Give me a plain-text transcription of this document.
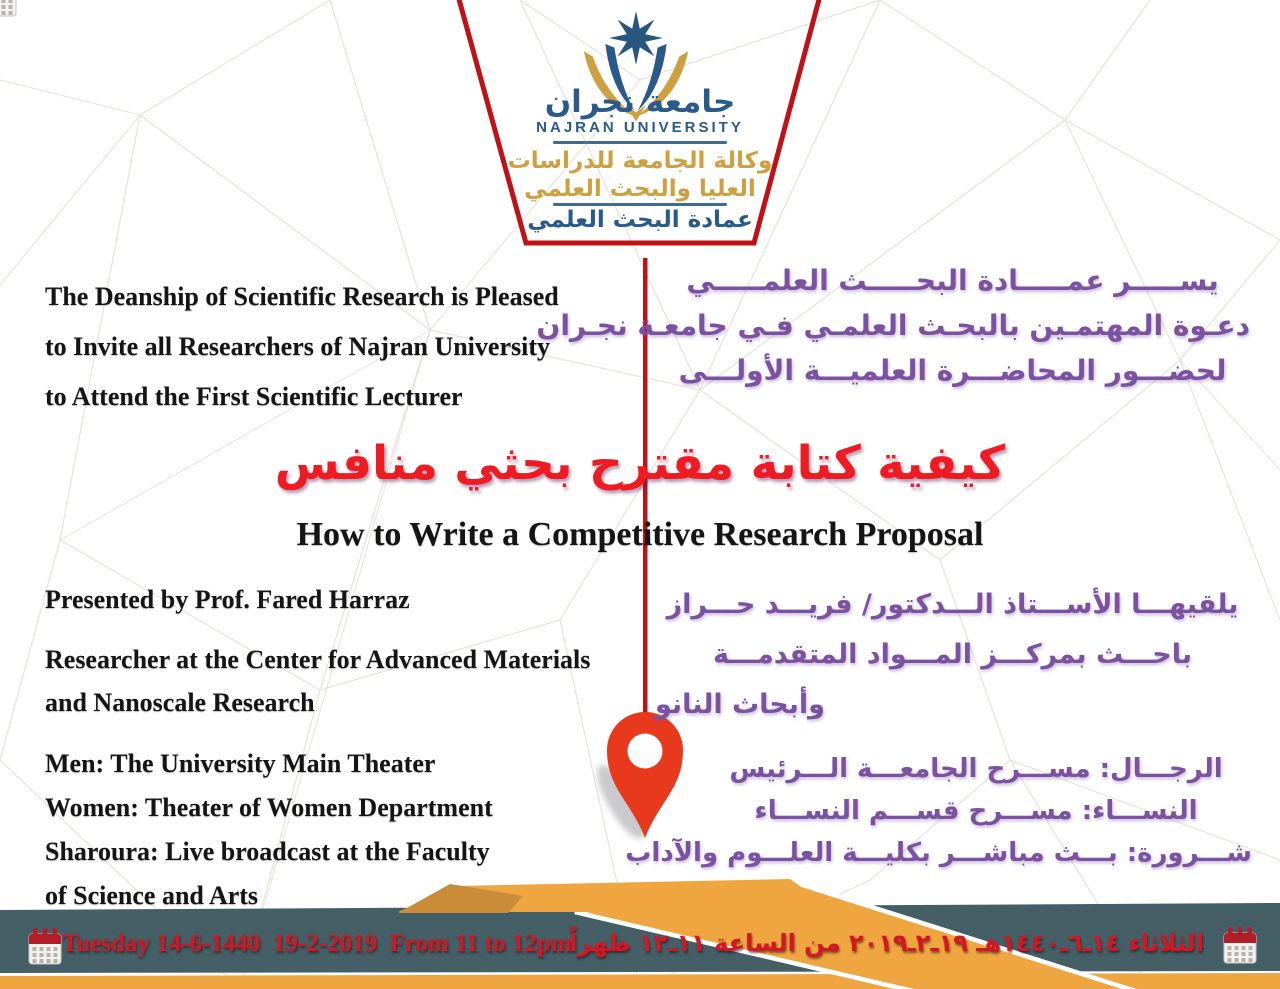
جامعة نجران
NAJRAN UNIVERSITY
وكالة الجامعة للدراسات
العليا والبحث العلمي
عمادة البحث العلمي
The Deanship of Scientific Research is Pleased
to Invite all Researchers of Najran University
to Attend the First Scientific Lecturer
يســـــر عمـــــادة البحـــــث العلمـــــي
دعـوة المهتمـين بالبحـث العلمـي فـي جامعـة نجـران
لحضـــور المحاضـــرة العلميـــة الأولـــى
كيفية كتابة مقترح بحثي منافس
How to Write a Competitive Research Proposal
Presented by Prof. Fared Harraz
Researcher at the Center for Advanced Materials
and Nanoscale Research
يلقيهـــا الأســـتاذ الـــدكتور/ فريـــد حـــراز
باحـــث بمركـــز المـــواد المتقدمـــة
وأبحاث النانو
Men: The University Main Theater
Women: Theater of Women Department
Sharoura: Live broadcast at the Faculty
of Science and Arts
الرجـــال: مســـرح الجامعـــة الـــرئيس
النســـاء: مســـرح قســـم النســـاء
شـــرورة: بـــث مباشـــر بكليـــة العلـــوم والآداب
Tuesday 14-6-1440  19-2-2019  From 11 to 12pm
الثلاثاء ١٤ـ٦ـ١٤٤٠هـ ١٩ـ٢ـ٢٠١٩ من الساعة ١١ـ١٢ ظهراً
